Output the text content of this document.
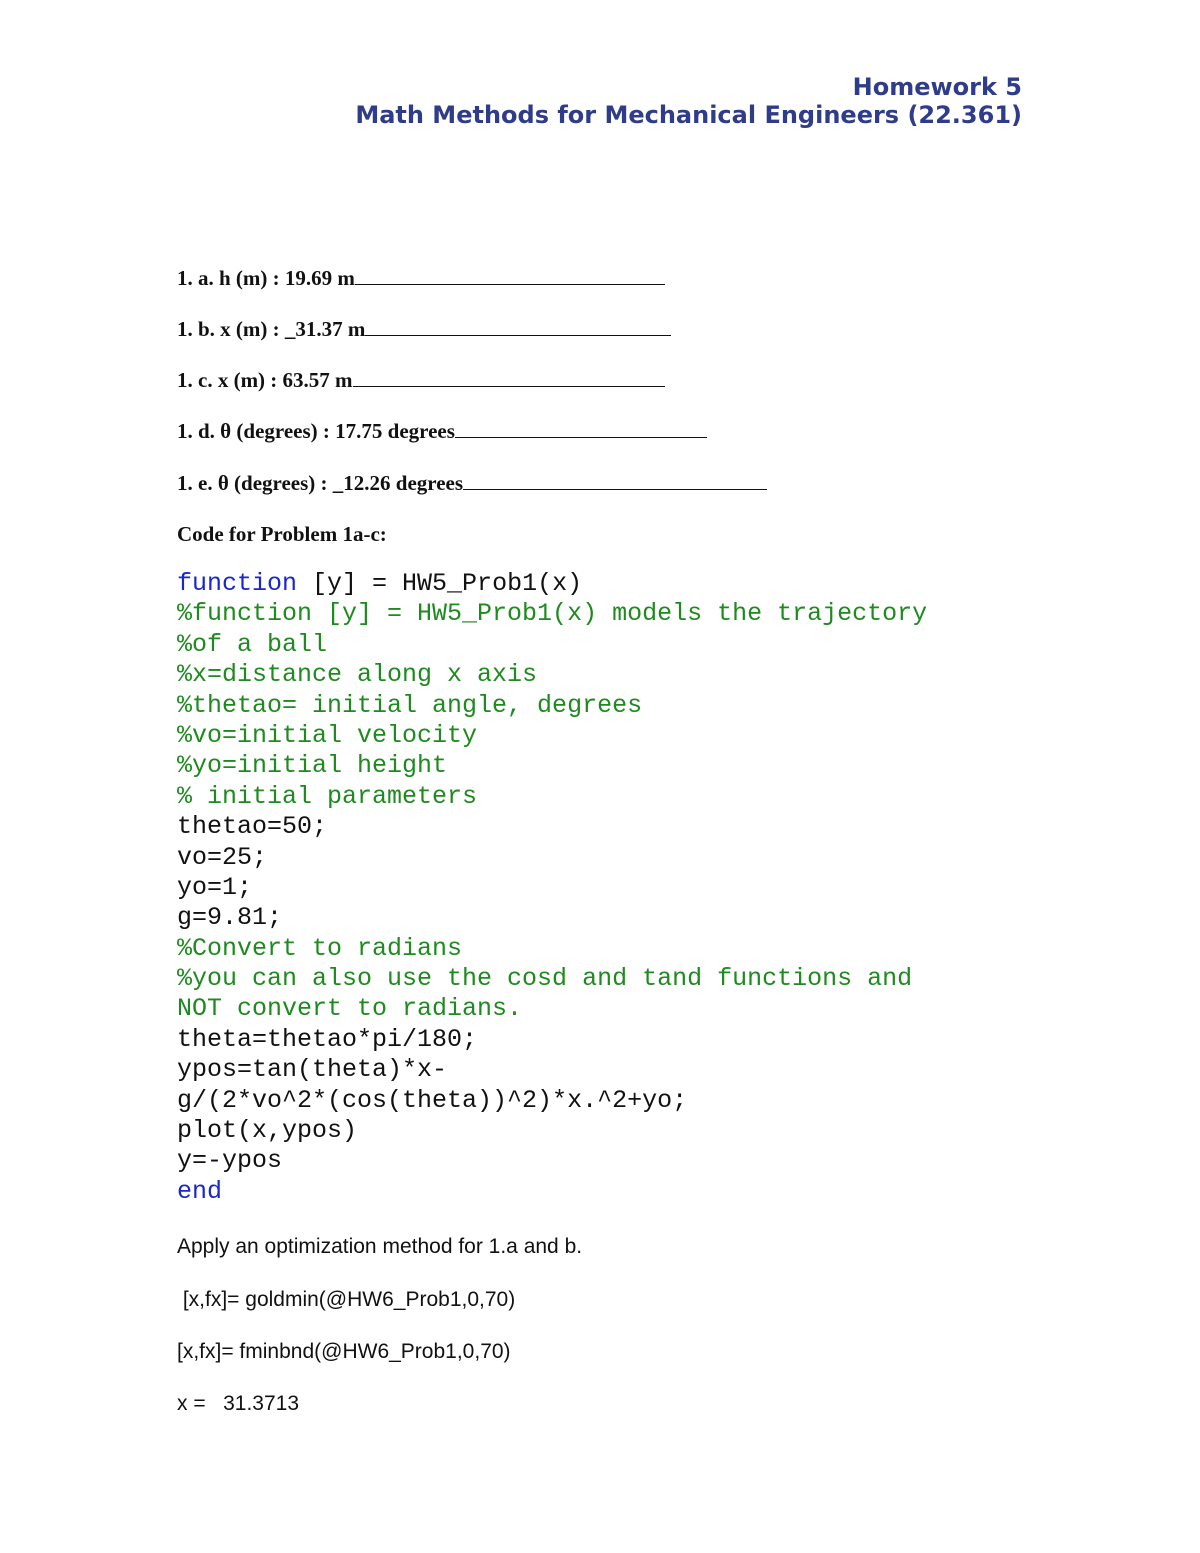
Homework 5
Math Methods for Mechanical Engineers (22.361)
1. a. h (m) : 19.69 m
1. b. x (m) : _31.37 m
1. c. x (m) : 63.57 m
1. d. θ (degrees) : 17.75 degrees
1. e. θ (degrees) : _12.26 degrees
Code for Problem 1a-c:
function [y] = HW5_Prob1(x)
%function [y] = HW5_Prob1(x) models the trajectory
%of a ball
%x=distance along x axis
%thetao= initial angle, degrees
%vo=initial velocity
%yo=initial height
% initial parameters
thetao=50;
vo=25;
yo=1;
g=9.81;
%Convert to radians
%you can also use the cosd and tand functions and
NOT convert to radians.
theta=thetao*pi/180;
ypos=tan(theta)*x-
g/(2*vo^2*(cos(theta))^2)*x.^2+yo;
plot(x,ypos)
y=-ypos
end
Apply an optimization method for 1.a and b.
[x,fx]= goldmin(@HW6_Prob1,0,70)
[x,fx]= fminbnd(@HW6_Prob1,0,70)
x =   31.3713
